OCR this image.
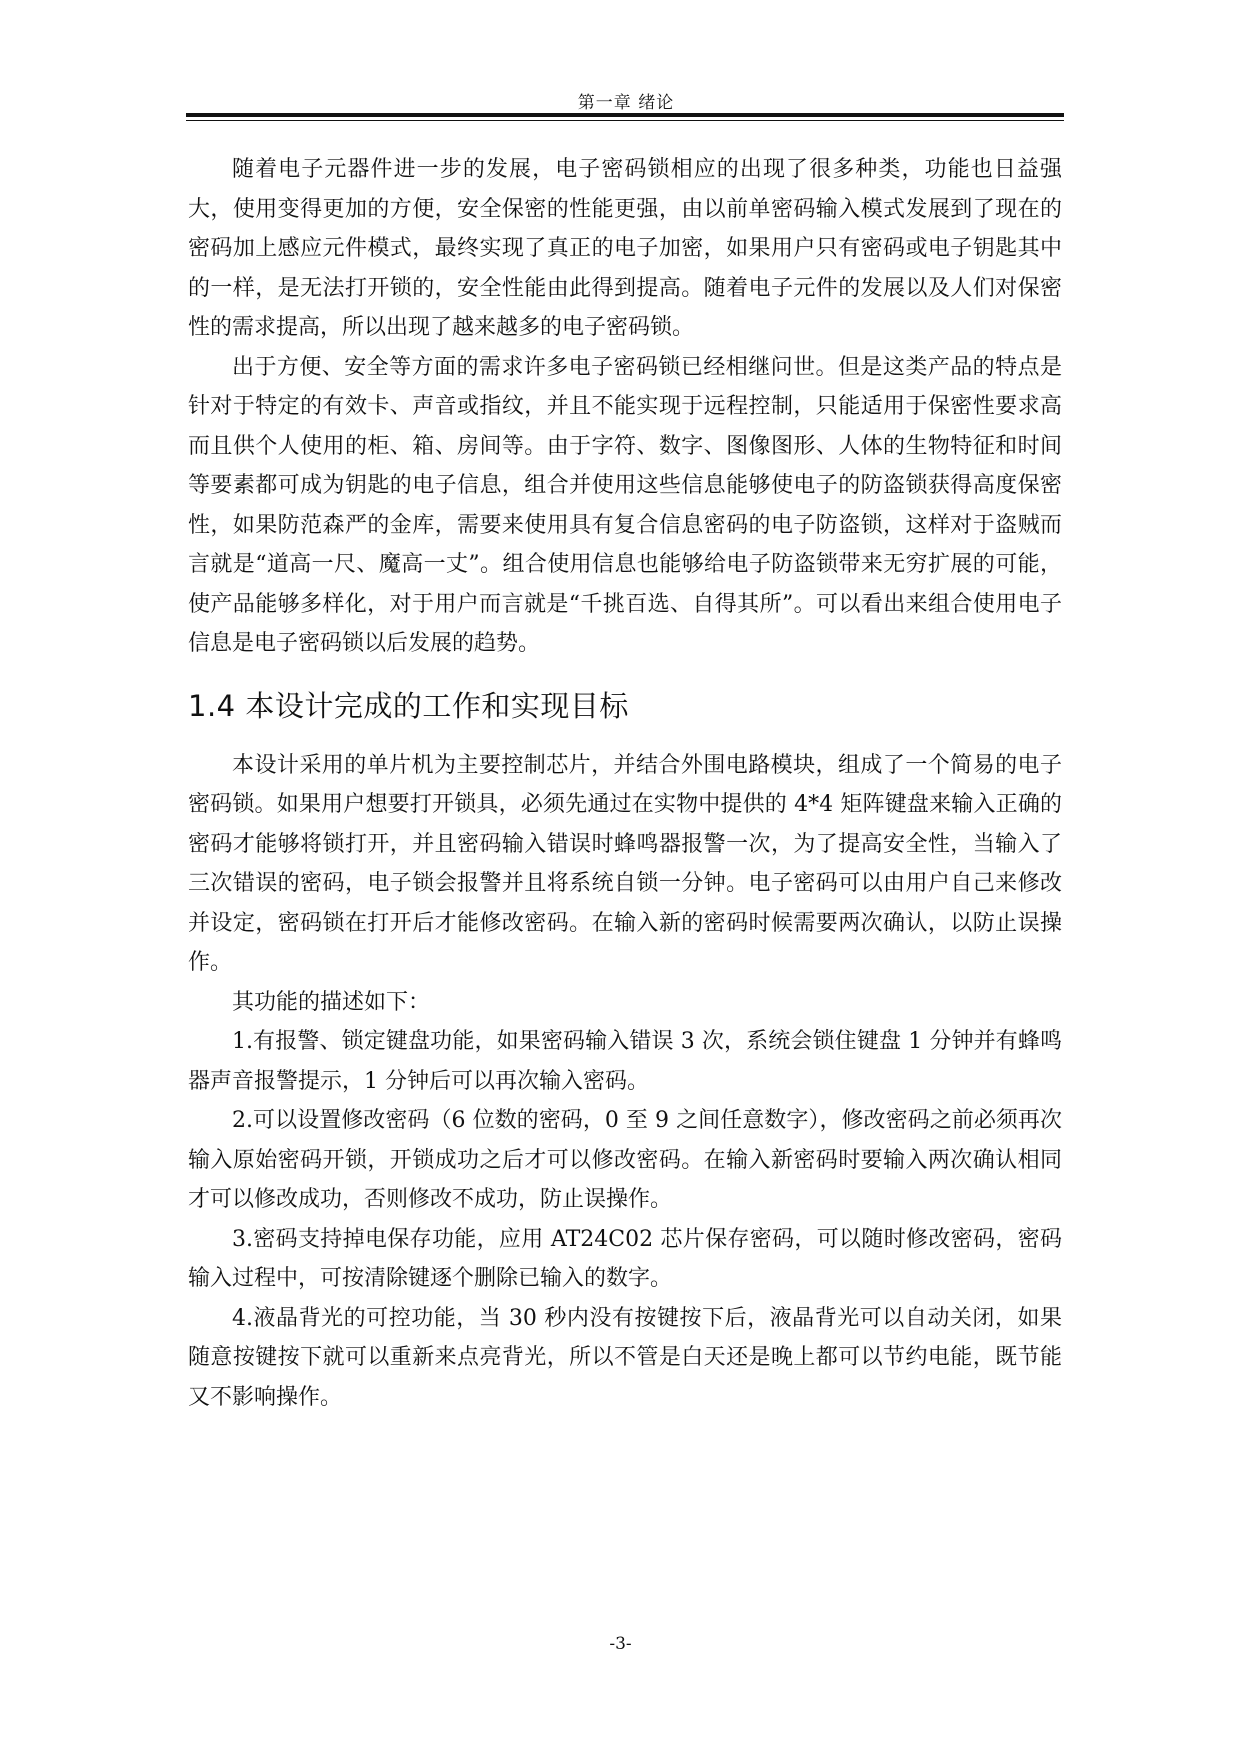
第一章 绪论

随着电子元器件进一步的发展，电子密码锁相应的出现了很多种类，功能也日益强大，使用变得更加的方便，安全保密的性能更强，由以前单密码输入模式发展到了现在的密码加上感应元件模式，最终实现了真正的电子加密，如果用户只有密码或电子钥匙其中的一样，是无法打开锁的，安全性能由此得到提高。随着电子元件的发展以及人们对保密性的需求提高，所以出现了越来越多的电子密码锁。

出于方便、安全等方面的需求许多电子密码锁已经相继问世。但是这类产品的特点是针对于特定的有效卡、声音或指纹，并且不能实现于远程控制，只能适用于保密性要求高而且供个人使用的柜、箱、房间等。由于字符、数字、图像图形、人体的生物特征和时间等要素都可成为钥匙的电子信息，组合并使用这些信息能够使电子的防盗锁获得高度保密性，如果防范森严的金库，需要来使用具有复合信息密码的电子防盗锁，这样对于盗贼而言就是“道高一尺、魔高一丈”。组合使用信息也能够给电子防盗锁带来无穷扩展的可能，使产品能够多样化，对于用户而言就是“千挑百选、自得其所”。可以看出来组合使用电子信息是电子密码锁以后发展的趋势。

1.4 本设计完成的工作和实现目标

本设计采用的单片机为主要控制芯片，并结合外围电路模块，组成了一个简易的电子密码锁。如果用户想要打开锁具，必须先通过在实物中提供的 4*4 矩阵键盘来输入正确的密码才能够将锁打开，并且密码输入错误时蜂鸣器报警一次，为了提高安全性，当输入了三次错误的密码，电子锁会报警并且将系统自锁一分钟。电子密码可以由用户自己来修改并设定，密码锁在打开后才能修改密码。在输入新的密码时候需要两次确认，以防止误操作。

其功能的描述如下：

1.有报警、锁定键盘功能，如果密码输入错误 3 次，系统会锁住键盘 1 分钟并有蜂鸣器声音报警提示，1 分钟后可以再次输入密码。

2.可以设置修改密码（6 位数的密码，0 至 9 之间任意数字），修改密码之前必须再次输入原始密码开锁，开锁成功之后才可以修改密码。在输入新密码时要输入两次确认相同才可以修改成功，否则修改不成功，防止误操作。

3.密码支持掉电保存功能，应用 AT24C02 芯片保存密码，可以随时修改密码，密码输入过程中，可按清除键逐个删除已输入的数字。

4.液晶背光的可控功能，当 30 秒内没有按键按下后，液晶背光可以自动关闭，如果随意按键按下就可以重新来点亮背光，所以不管是白天还是晚上都可以节约电能，既节能又不影响操作。

-3-
